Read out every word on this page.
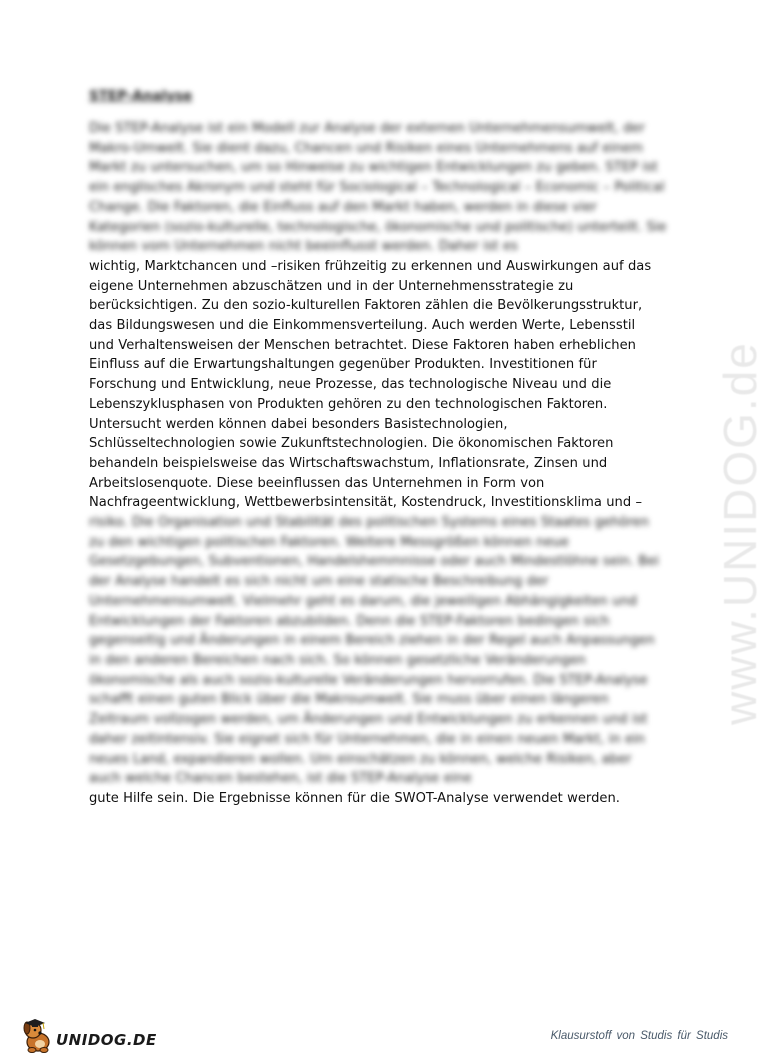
www.UNIDOG.de
STEP-Analyse

Die STEP-Analyse ist ein Modell zur Analyse der externen Unternehmensumwelt, der Makro-Umwelt. Sie dient dazu, Chancen und Risiken eines Unternehmens auf einem Markt zu untersuchen, um so Hinweise zu wichtigen Entwicklungen zu geben. STEP ist ein englisches Akronym und steht für Sociological – Technological – Economic – Political Change. Die Faktoren, die Einfluss auf den Markt haben, werden in diese vier Kategorien (sozio-kulturelle, technologische, ökonomische und politische) unterteilt. Sie können vom Unternehmen nicht beeinflusst werden. Daher ist es

wichtig, Marktchancen und –risiken frühzeitig zu erkennen und Auswirkungen auf das
eigene Unternehmen abzuschätzen und in der Unternehmensstrategie zu
berücksichtigen. Zu den sozio-kulturellen Faktoren zählen die Bevölkerungsstruktur,
das Bildungswesen und die Einkommensverteilung. Auch werden Werte, Lebensstil
und Verhaltensweisen der Menschen betrachtet. Diese Faktoren haben erheblichen
Einfluss auf die Erwartungshaltungen gegenüber Produkten. Investitionen für
Forschung und Entwicklung, neue Prozesse, das technologische Niveau und die
Lebenszyklusphasen von Produkten gehören zu den technologischen Faktoren.
Untersucht werden können dabei besonders Basistechnologien,
Schlüsseltechnologien sowie Zukunftstechnologien. Die ökonomischen Faktoren
behandeln beispielsweise das Wirtschaftswachstum, Inflationsrate, Zinsen und
Arbeitslosenquote. Diese beeinflussen das Unternehmen in Form von
Nachfrageentwicklung, Wettbewerbsintensität, Kostendruck, Investitionsklima und –

risiko. Die Organisation und Stabilität des politischen Systems eines Staates gehören zu den wichtigen politischen Faktoren. Weitere Messgrößen können neue Gesetzgebungen, Subventionen, Handelshemmnisse oder auch Mindestlöhne sein. Bei der Analyse handelt es sich nicht um eine statische Beschreibung der Unternehmensumwelt. Vielmehr geht es darum, die jeweiligen Abhängigkeiten und Entwicklungen der Faktoren abzubilden. Denn die STEP-Faktoren bedingen sich gegenseitig und Änderungen in einem Bereich ziehen in der Regel auch Anpassungen in den anderen Bereichen nach sich. So können gesetzliche Veränderungen ökonomische als auch sozio-kulturelle Veränderungen hervorrufen. Die STEP-Analyse schafft einen guten Blick über die Makroumwelt. Sie muss über einen längeren Zeitraum vollzogen werden, um Änderungen und Entwicklungen zu erkennen und ist daher zeitintensiv. Sie eignet sich für Unternehmen, die in einen neuen Markt, in ein neues Land, expandieren wollen. Um einschätzen zu können, welche Risiken, aber auch welche Chancen bestehen, ist die STEP-Analyse eine

gute Hilfe sein. Die Ergebnisse können für die SWOT-Analyse verwendet werden.
UNIDOG.DE	Klausurstoff von Studis für Studis
